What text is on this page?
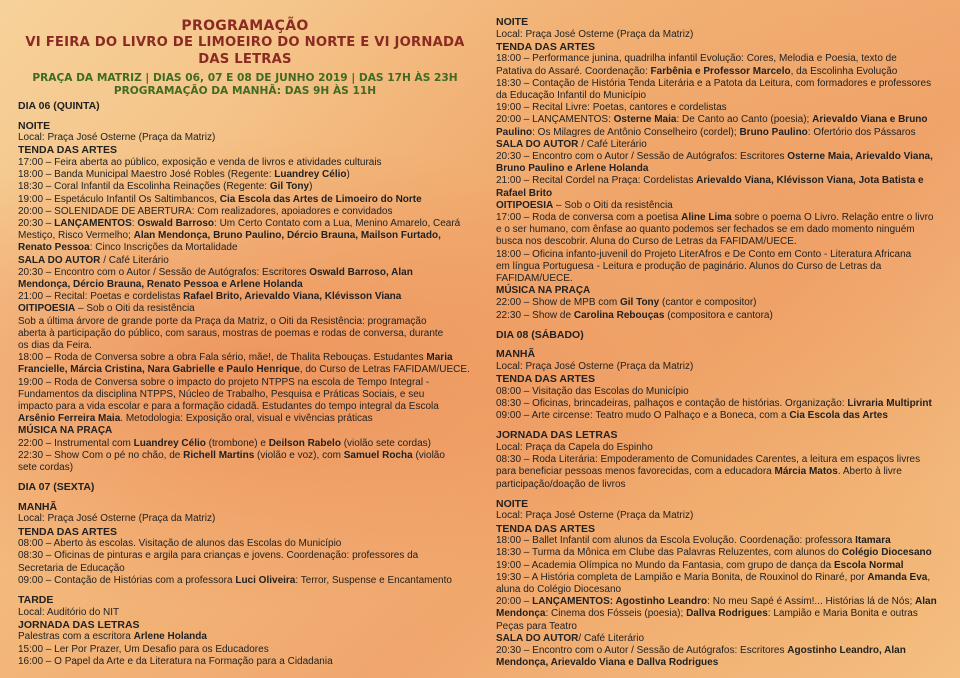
PROGRAMAÇÃO
VI FEIRA DO LIVRO DE LIMOEIRO DO NORTE E VI JORNADA DAS LETRAS
PRAÇA DA MATRIZ | DIAS 06, 07 E 08 DE JUNHO 2019 | DAS 17H ÀS 23H
PROGRAMAÇÃO DA MANHÃ: DAS 9H ÀS 11H
DIA 06 (QUINTA)
NOITE
Local: Praça José Osterne (Praça da Matriz)
TENDA DAS ARTES
17:00 – Feira aberta ao público, exposição e venda de livros e atividades culturais
18:00 – Banda Municipal Maestro José Robles (Regente: Luandrey Célio)
18:30 – Coral Infantil da Escolinha Reinações (Regente: Gil Tony)
19:00 – Espetáculo Infantil Os Saltimbancos, Cia Escola das Artes de Limoeiro do Norte
20:00 – SOLENIDADE DE ABERTURA: Com realizadores, apoiadores e convidados
20:30 – LANÇAMENTOS: Oswald Barroso: Um Certo Contato com a Lua, Menino Amarelo, Ceará
Mestiço, Risco Vermelho; Alan Mendonça, Bruno Paulino, Dércio Brauna, Mailson Furtado,
Renato Pessoa: Cinco Inscrições da Mortalidade
SALA DO AUTOR / Café Literário
20:30 – Encontro com o Autor / Sessão de Autógrafos: Escritores Oswald Barroso, Alan
Mendonça, Dércio Brauna, Renato Pessoa e Arlene Holanda
21:00 – Recital: Poetas e cordelistas Rafael Brito, Arievaldo Viana, Klévisson Viana
OITIPOESIA – Sob o Oiti da resistência
Sob a última árvore de grande porte da Praça da Matriz, o Oiti da Resistência: programação
aberta à participação do público, com saraus, mostras de poemas e rodas de conversa, durante
os dias da Feira.
18:00 – Roda de Conversa sobre a obra Fala sério, mãe!, de Thalita Rebouças. Estudantes Maria
Francielle, Márcia Cristina, Nara Gabrielle e Paulo Henrique, do Curso de Letras FAFIDAM/UECE.
19:00 – Roda de Conversa sobre o impacto do projeto NTPPS na escola de Tempo Integral -
Fundamentos da disciplina NTPPS, Núcleo de Trabalho, Pesquisa e Práticas Sociais, e seu
impacto para a vida escolar e para a formação cidadã. Estudantes do tempo integral da Escola
Arsênio Ferreira Maia. Metodologia: Exposição oral, visual e vivências práticas
MÚSICA NA PRAÇA
22:00 – Instrumental com Luandrey Célio (trombone) e Deilson Rabelo (violão sete cordas)
22:30 – Show Com o pé no chão, de Richell Martins (violão e voz), com Samuel Rocha (violão
sete cordas)
DIA 07 (SEXTA)
MANHÃ
Local: Praça José Osterne (Praça da Matriz)
TENDA DAS ARTES
08:00 – Aberto às escolas. Visitação de alunos das Escolas do Município
08:30 – Oficinas de pinturas e argila para crianças e jovens. Coordenação: professores da
Secretaria de Educação
09:00 – Contação de Histórias com a professora Luci Oliveira: Terror, Suspense e Encantamento
TARDE
Local: Auditório do NIT
JORNADA DAS LETRAS
Palestras com a escritora Arlene Holanda
15:00 – Ler Por Prazer, Um Desafio para os Educadores
16:00 – O Papel da Arte e da Literatura na Formação para a Cidadania
NOITE
Local: Praça José Osterne (Praça da Matriz)
TENDA DAS ARTES
18:00 – Performance junina, quadrilha infantil Evolução: Cores, Melodia e Poesia, texto de
Patativa do Assaré. Coordenação: Farbênia e Professor Marcelo, da Escolinha Evolução
18:30 – Contação de História Tenda Literária e a Patota da Leitura, com formadores e professores
da Educação Infantil do Município
19:00 – Recital Livre: Poetas, cantores e cordelistas
20:00 – LANÇAMENTOS: Osterne Maia: De Canto ao Canto (poesia); Arievaldo Viana e Bruno
Paulino: Os Milagres de Antônio Conselheiro (cordel); Bruno Paulino: Ofertório dos Pássaros
SALA DO AUTOR / Café Literário
20:30 – Encontro com o Autor / Sessão de Autógrafos: Escritores Osterne Maia, Arievaldo Viana,
Bruno Paulino e Arlene Holanda
21:00 – Recital Cordel na Praça: Cordelistas Arievaldo Viana, Klévisson Viana, Jota Batista e
Rafael Brito
OITIPOESIA – Sob o Oiti da resistência
17:00 – Roda de conversa com a poetisa Aline Lima sobre o poema O Livro. Relação entre o livro
e o ser humano, com ênfase ao quanto podemos ser fechados se em dado momento ninguém
busca nos descobrir. Aluna do Curso de Letras da FAFIDAM/UECE.
18:00 – Oficina infanto-juvenil do Projeto LiterAfros e De Conto em Conto - Literatura Africana
em língua Portuguesa - Leitura e produção de paginário. Alunos do Curso de Letras da
FAFIDAM/UECE.
MÚSICA NA PRAÇA
22:00 – Show de MPB com Gil Tony (cantor e compositor)
22:30 – Show de Carolina Rebouças (compositora e cantora)
DIA 08 (SÁBADO)
MANHÃ
Local: Praça José Osterne (Praça da Matriz)
TENDA DAS ARTES
08:00 – Visitação das Escolas do Município
08:30 – Oficinas, brincadeiras, palhaços e contação de histórias. Organização: Livraria Multiprint
09:00 – Arte circense: Teatro mudo O Palhaço e a Boneca, com a Cia Escola das Artes
JORNADA DAS LETRAS
Local: Praça da Capela do Espinho
08:30 – Roda Literária: Empoderamento de Comunidades Carentes, a leitura em espaços livres
para beneficiar pessoas menos favorecidas, com a educadora Márcia Matos. Aberto à livre
participação/doação de livros
NOITE
Local: Praça José Osterne (Praça da Matriz)
TENDA DAS ARTES
18:00 – Ballet Infantil com alunos da Escola Evolução. Coordenação: professora Itamara
18:30 – Turma da Mônica em Clube das Palavras Reluzentes, com alunos do Colégio Diocesano
19:00 – Academia Olímpica no Mundo da Fantasia, com grupo de dança da Escola Normal
19:30 – A História completa de Lampião e Maria Bonita, de Rouxinol do Rinaré, por Amanda Eva,
aluna do Colégio Diocesano
20:00 – LANÇAMENTOS: Agostinho Leandro: No meu Sapé é Assim!... Histórias lá de Nós; Alan
Mendonça: Cinema dos Fósseis (poesia); Dallva Rodrigues: Lampião e Maria Bonita e outras
Peças para Teatro
SALA DO AUTOR/ Café Literário
20:30 – Encontro com o Autor / Sessão de Autógrafos: Escritores Agostinho Leandro, Alan
Mendonça, Arievaldo Viana e Dallva Rodrigues
